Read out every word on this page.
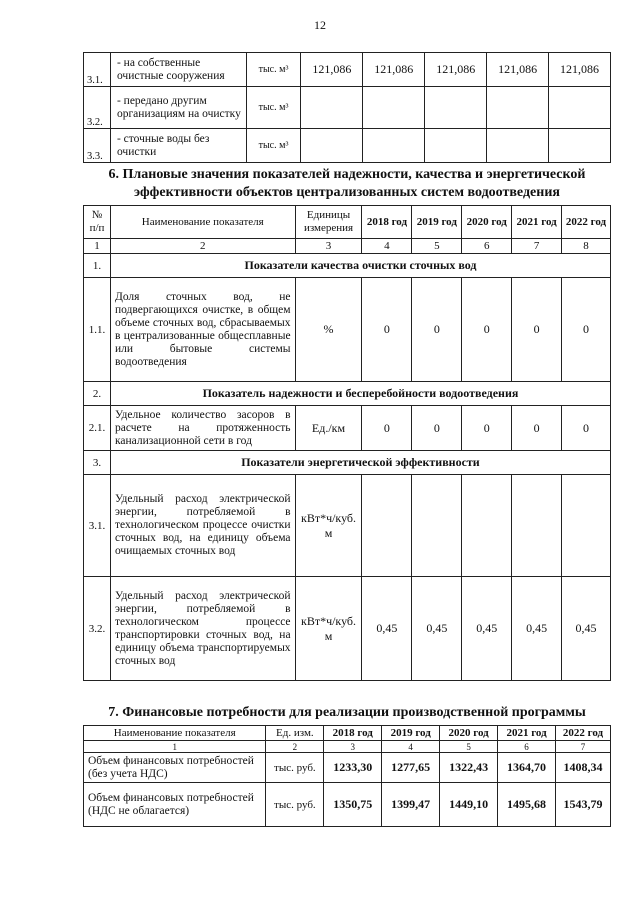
12
3.1.	- на собственные очистные сооружения	тыс. м³	121,086	121,086	121,086	121,086	121,086
3.2.	- передано другим организациям на очистку	тыс. м³					
3.3.	- сточные воды без очистки	тыс. м³					
6. Плановые значения показателей надежности, качества и энергетической эффективности объектов централизованных систем водоотведения
№ п/п	Наименование показателя	Единицы измерения	2018 год	2019 год	2020 год	2021 год	2022 год
1	2	3	4	5	6	7	8
1.	Показатели качества очистки сточных вод						
1.1.	Доля сточных вод, не подвергающихся очистке, в общем объеме сточных вод, сбрасываемых в централизованные общесплавные или бытовые системы водоотведения	%	0	0	0	0	0
2.	Показатель надежности и бесперебойности водоотведения						
2.1.	Удельное количество засоров в расчете на протяженность канализационной сети в год	Ед./км	0	0	0	0	0
3.	Показатели энергетической эффективности						
3.1.	Удельный расход электрической энергии, потребляемой в технологическом процессе очистки сточных вод, на единицу объема очищаемых сточных вод	кВт*ч/куб. м					
3.2.	Удельный расход электрической энергии, потребляемой в технологическом процессе транспортировки сточных вод, на единицу объема транспортируемых сточных вод	кВт*ч/куб. м	0,45	0,45	0,45	0,45	0,45
7. Финансовые потребности для реализации производственной программы
Наименование показателя	Ед. изм.	2018 год	2019 год	2020 год	2021 год	2022 год
1	2	3	4	5	6	7
Объем финансовых потребностей (без учета НДС)	тыс. руб.	1233,30	1277,65	1322,43	1364,70	1408,34
Объем финансовых потребностей (НДС не облагается)	тыс. руб.	1350,75	1399,47	1449,10	1495,68	1543,79
